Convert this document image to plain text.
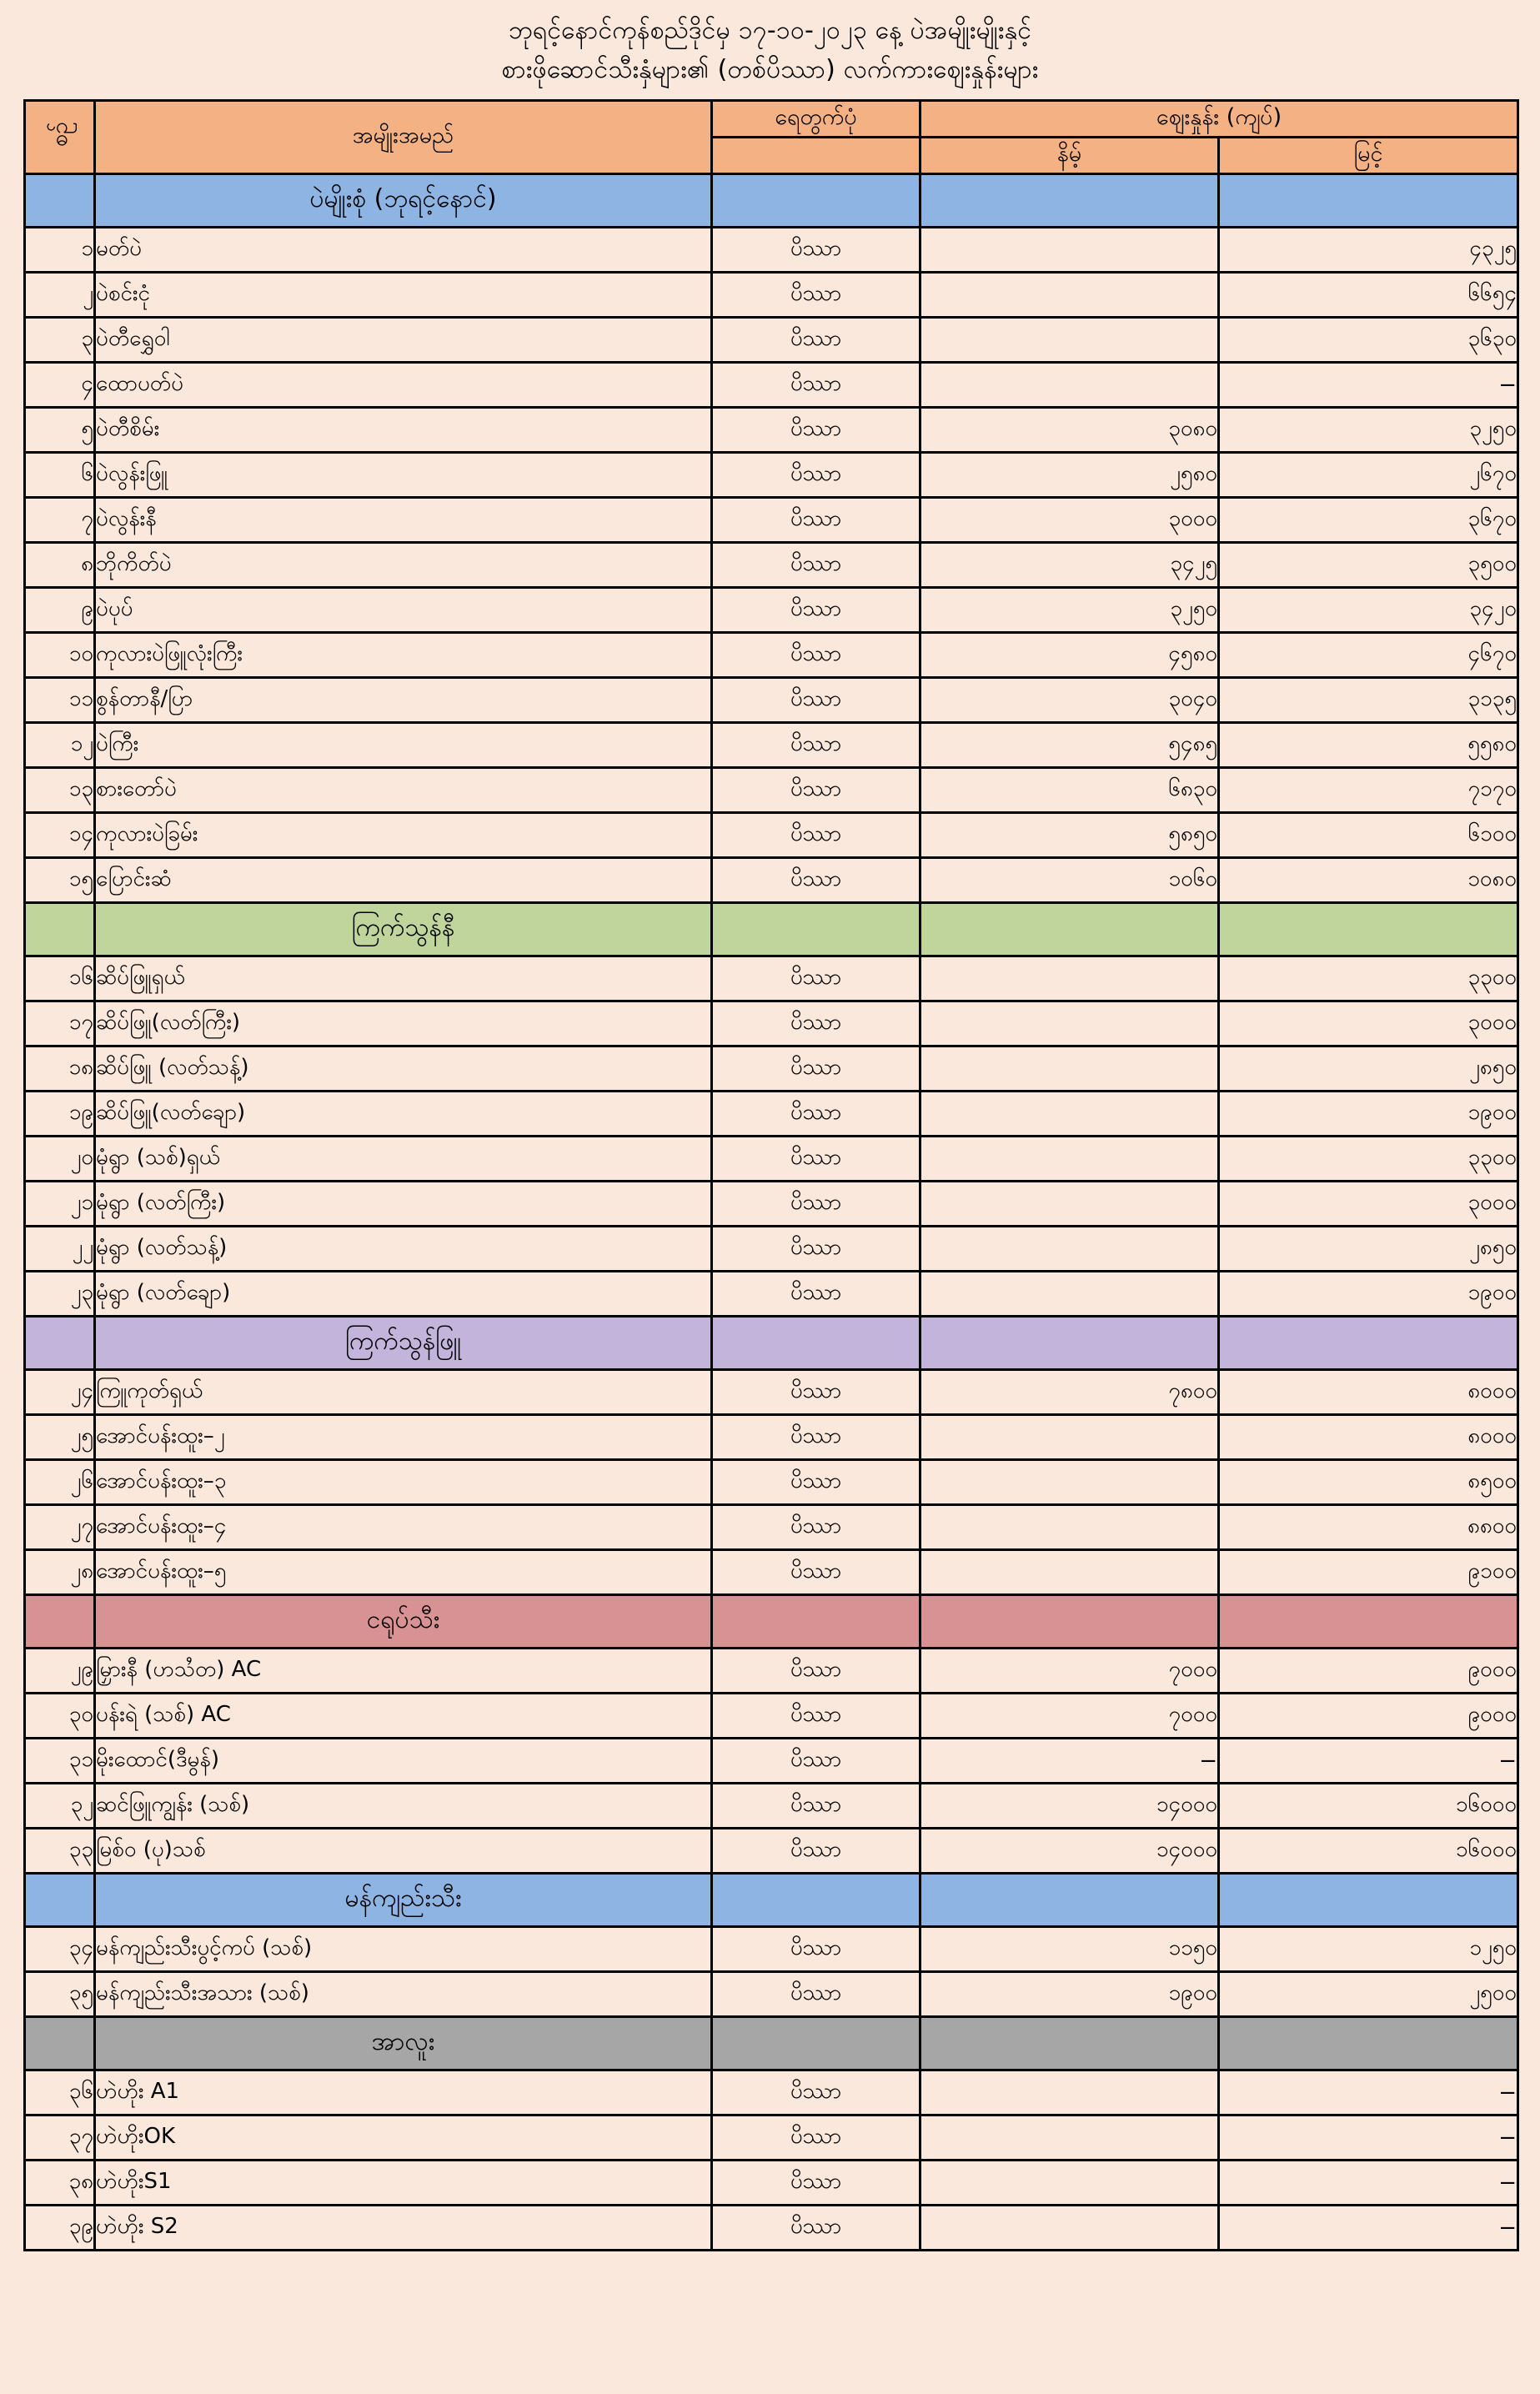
ဘုရင့်နောင်ကုန်စည်ဒိုင်မှ ၁၇-၁၀-၂၀၂၃ နေ့ ပဲအမျိုးမျိုးနှင့်
စားဖိုဆောင်သီးနှံများ၏ (တစ်ပိဿာ) လက်ကားဈေးနှုန်းများ
စဉ်	အမျိုးအမည်	ရေတွက်ပုံ	ဈေးနှုန်း (ကျပ်)	
			နိမ့်	မြင့်
	ပဲမျိုးစုံ (ဘုရင့်နောင်)			
၁	မတ်ပဲ	ပိဿာ		၄၃၂၅
၂	ပဲစင်းငုံ	ပိဿာ		၆၆၅၄
၃	ပဲတီရွှေဝါ	ပိဿာ		၃၆၃၀
၄	ထောပတ်ပဲ	ပိဿာ		−
၅	ပဲတီစိမ်း	ပိဿာ	၃၀၈၀	၃၂၅၀
၆	ပဲလွန်းဖြူ	ပိဿာ	၂၅၈၀	၂၆၇၀
၇	ပဲလွန်းနီ	ပိဿာ	၃၀၀၀	၃၆၇၀
၈	ဘိုကိတ်ပဲ	ပိဿာ	၃၄၂၅	၃၅၀၀
၉	ပဲပုပ်	ပိဿာ	၃၂၅၀	၃၄၂၀
၁၀	ကုလားပဲဖြူလုံးကြီး	ပိဿာ	၄၅၈၀	၄၆၇၀
၁၁	စွန်တာနီ/ပြာ	ပိဿာ	၃၀၄၀	၃၁၃၅
၁၂	ပဲကြီး	ပိဿာ	၅၄၈၅	၅၅၈၀
၁၃	စားတော်ပဲ	ပိဿာ	၆၈၃၀	၇၁၇၀
၁၄	ကုလားပဲခြမ်း	ပိဿာ	၅၈၅၀	၆၁၀၀
၁၅	ပြောင်းဆံ	ပိဿာ	၁၀၆၀	၁၀၈၀
	ကြက်သွန်နီ			
၁၆	ဆိပ်ဖြူရှယ်	ပိဿာ		၃၃၀၀
၁၇	ဆိပ်ဖြူ(လတ်ကြီး)	ပိဿာ		၃၀၀၀
၁၈	ဆိပ်ဖြူ (လတ်သန့်)	ပိဿာ		၂၈၅၀
၁၉	ဆိပ်ဖြူ(လတ်ချော)	ပိဿာ		၁၉၀၀
၂၀	မုံရွာ (သစ်)ရှယ်	ပိဿာ		၃၃၀၀
၂၁	မုံရွာ (လတ်ကြီး)	ပိဿာ		၃၀၀၀
၂၂	မုံရွာ (လတ်သန့်)	ပိဿာ		၂၈၅၀
၂၃	မုံရွာ (လတ်ချော)	ပိဿာ		၁၉၀၀
	ကြက်သွန်ဖြူ			
၂၄	ကြူကုတ်ရှယ်	ပိဿာ	၇၈၀၀	၈၀၀၀
၂၅	အောင်ပန်းထူး–၂	ပိဿာ		၈၀၀၀
၂၆	အောင်ပန်းထူး–၃	ပိဿာ		၈၅၀၀
၂၇	အောင်ပန်းထူး–၄	ပိဿာ		၈၈၀၀
၂၈	အောင်ပန်းထူး–၅	ပိဿာ		၉၁၀၀
	ငရုပ်သီး			
၂၉	မြှားနီ (ဟသႆတ) AC	ပိဿာ	၇၀၀၀	၉၀၀၀
၃၀	ပန်းရဲ (သစ်) AC	ပိဿာ	၇၀၀၀	၉၀၀၀
၃၁	မိုးထောင်(ဒီမွန်)	ပိဿာ	−	−
၃၂	ဆင်ဖြူကျွန်း (သစ်)	ပိဿာ	၁၄၀၀၀	၁၆၀၀၀
၃၃	မြစ်ဝ (ပု)သစ်	ပိဿာ	၁၄၀၀၀	၁၆၀၀၀
	မန်ကျည်းသီး			
၃၄	မန်ကျည်းသီးပွင့်ကပ် (သစ်)	ပိဿာ	၁၁၅၀	၁၂၅၀
၃၅	မန်ကျည်းသီးအသား (သစ်)	ပိဿာ	၁၉၀၀	၂၅၀၀
	အာလူး			
၃၆	ဟဲဟိုး A1	ပိဿာ		−
၃၇	ဟဲဟိုးOK	ပိဿာ		−
၃၈	ဟဲဟိုးS1	ပိဿာ		−
၃၉	ဟဲဟိုး S2	ပိဿာ		−
